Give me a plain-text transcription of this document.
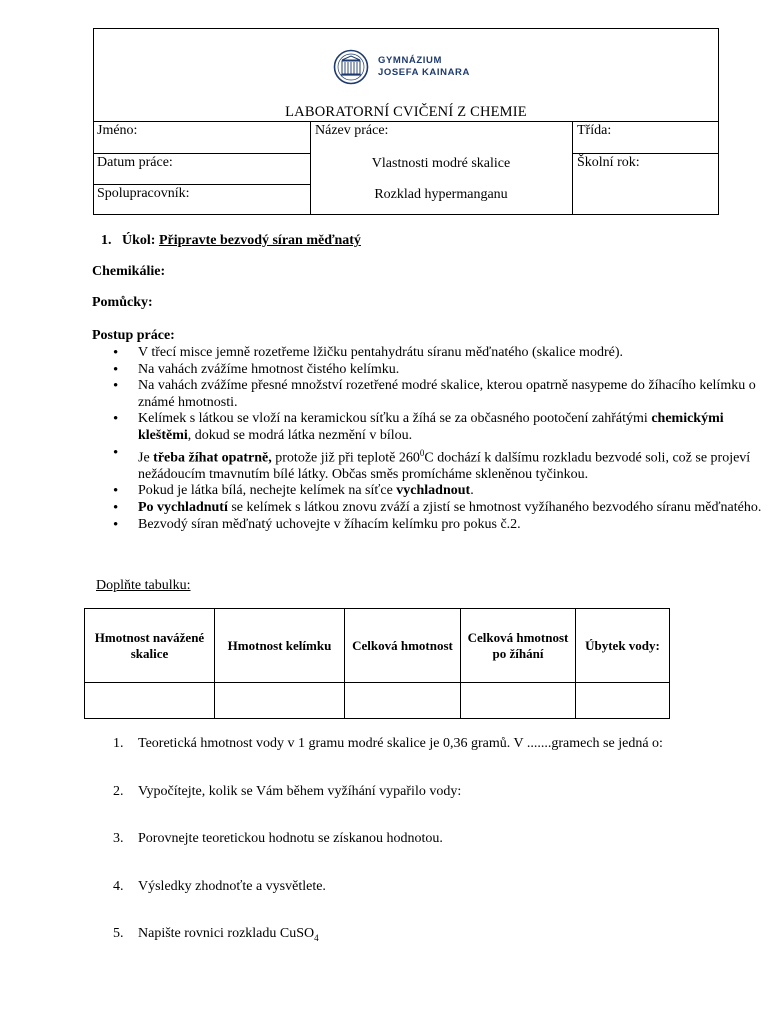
GYMNÁZIUM
JOSEFA KAINARA
LABORATORNÍ CVIČENÍ Z CHEMIE
Jméno:
Datum práce:
Spolupracovník:
Název práce:
Vlastnosti modré skalice
Rozklad hypermanganu
Třída:
Školní rok:
1. Úkol: Připravte bezvodý síran měďnatý
Chemikálie:
Pomůcky:
Postup práce:
• V třecí misce jemně rozetřeme lžičku pentahydrátu síranu měďnatého (skalice modré).
• Na vahách zvážíme hmotnost čistého kelímku.
• Na vahách zvážíme přesné množství rozetřené modré skalice, kterou opatrně nasypeme do žíhacího kelímku o známé hmotnosti.
• Kelímek s látkou se vloží na keramickou síťku a žíhá se za občasného pootočení zahřátými chemickými kleštěmi, dokud se modrá látka nezmění v bílou.
• Je třeba žíhat opatrně, protože již při teplotě $260^0C$ dochází k dalšímu rozkladu bezvodé soli, což se projeví nežádoucím tmavnutím bílé látky. Občas směs promícháme skleněnou tyčinkou.
• Pokud je látka bílá, nechejte kelímek na síťce vychladnout.
• Po vychladnutí se kelímek s látkou znovu zváží a zjistí se hmotnost vyžíhaného bezvodého síranu měďnatého.
• Bezvodý síran měďnatý uchovejte v žíhacím kelímku pro pokus č.2.
Doplňte tabulku:
Hmotnost navážené skalice	Hmotnost kelímku	Celková hmotnost	Celková hmotnost po žíhání	Úbytek vody:

1. Teoretická hmotnost vody v 1 gramu modré skalice je 0,36 gramů. V .......gramech se jedná o:
2. Vypočítejte, kolik se Vám během vyžíhání vypařilo vody:
3. Porovnejte teoretickou hodnotu se získanou hodnotou.
4. Výsledky zhodnoťte a vysvětlete.
5. Napište rovnici rozkladu CuSO$_4$
